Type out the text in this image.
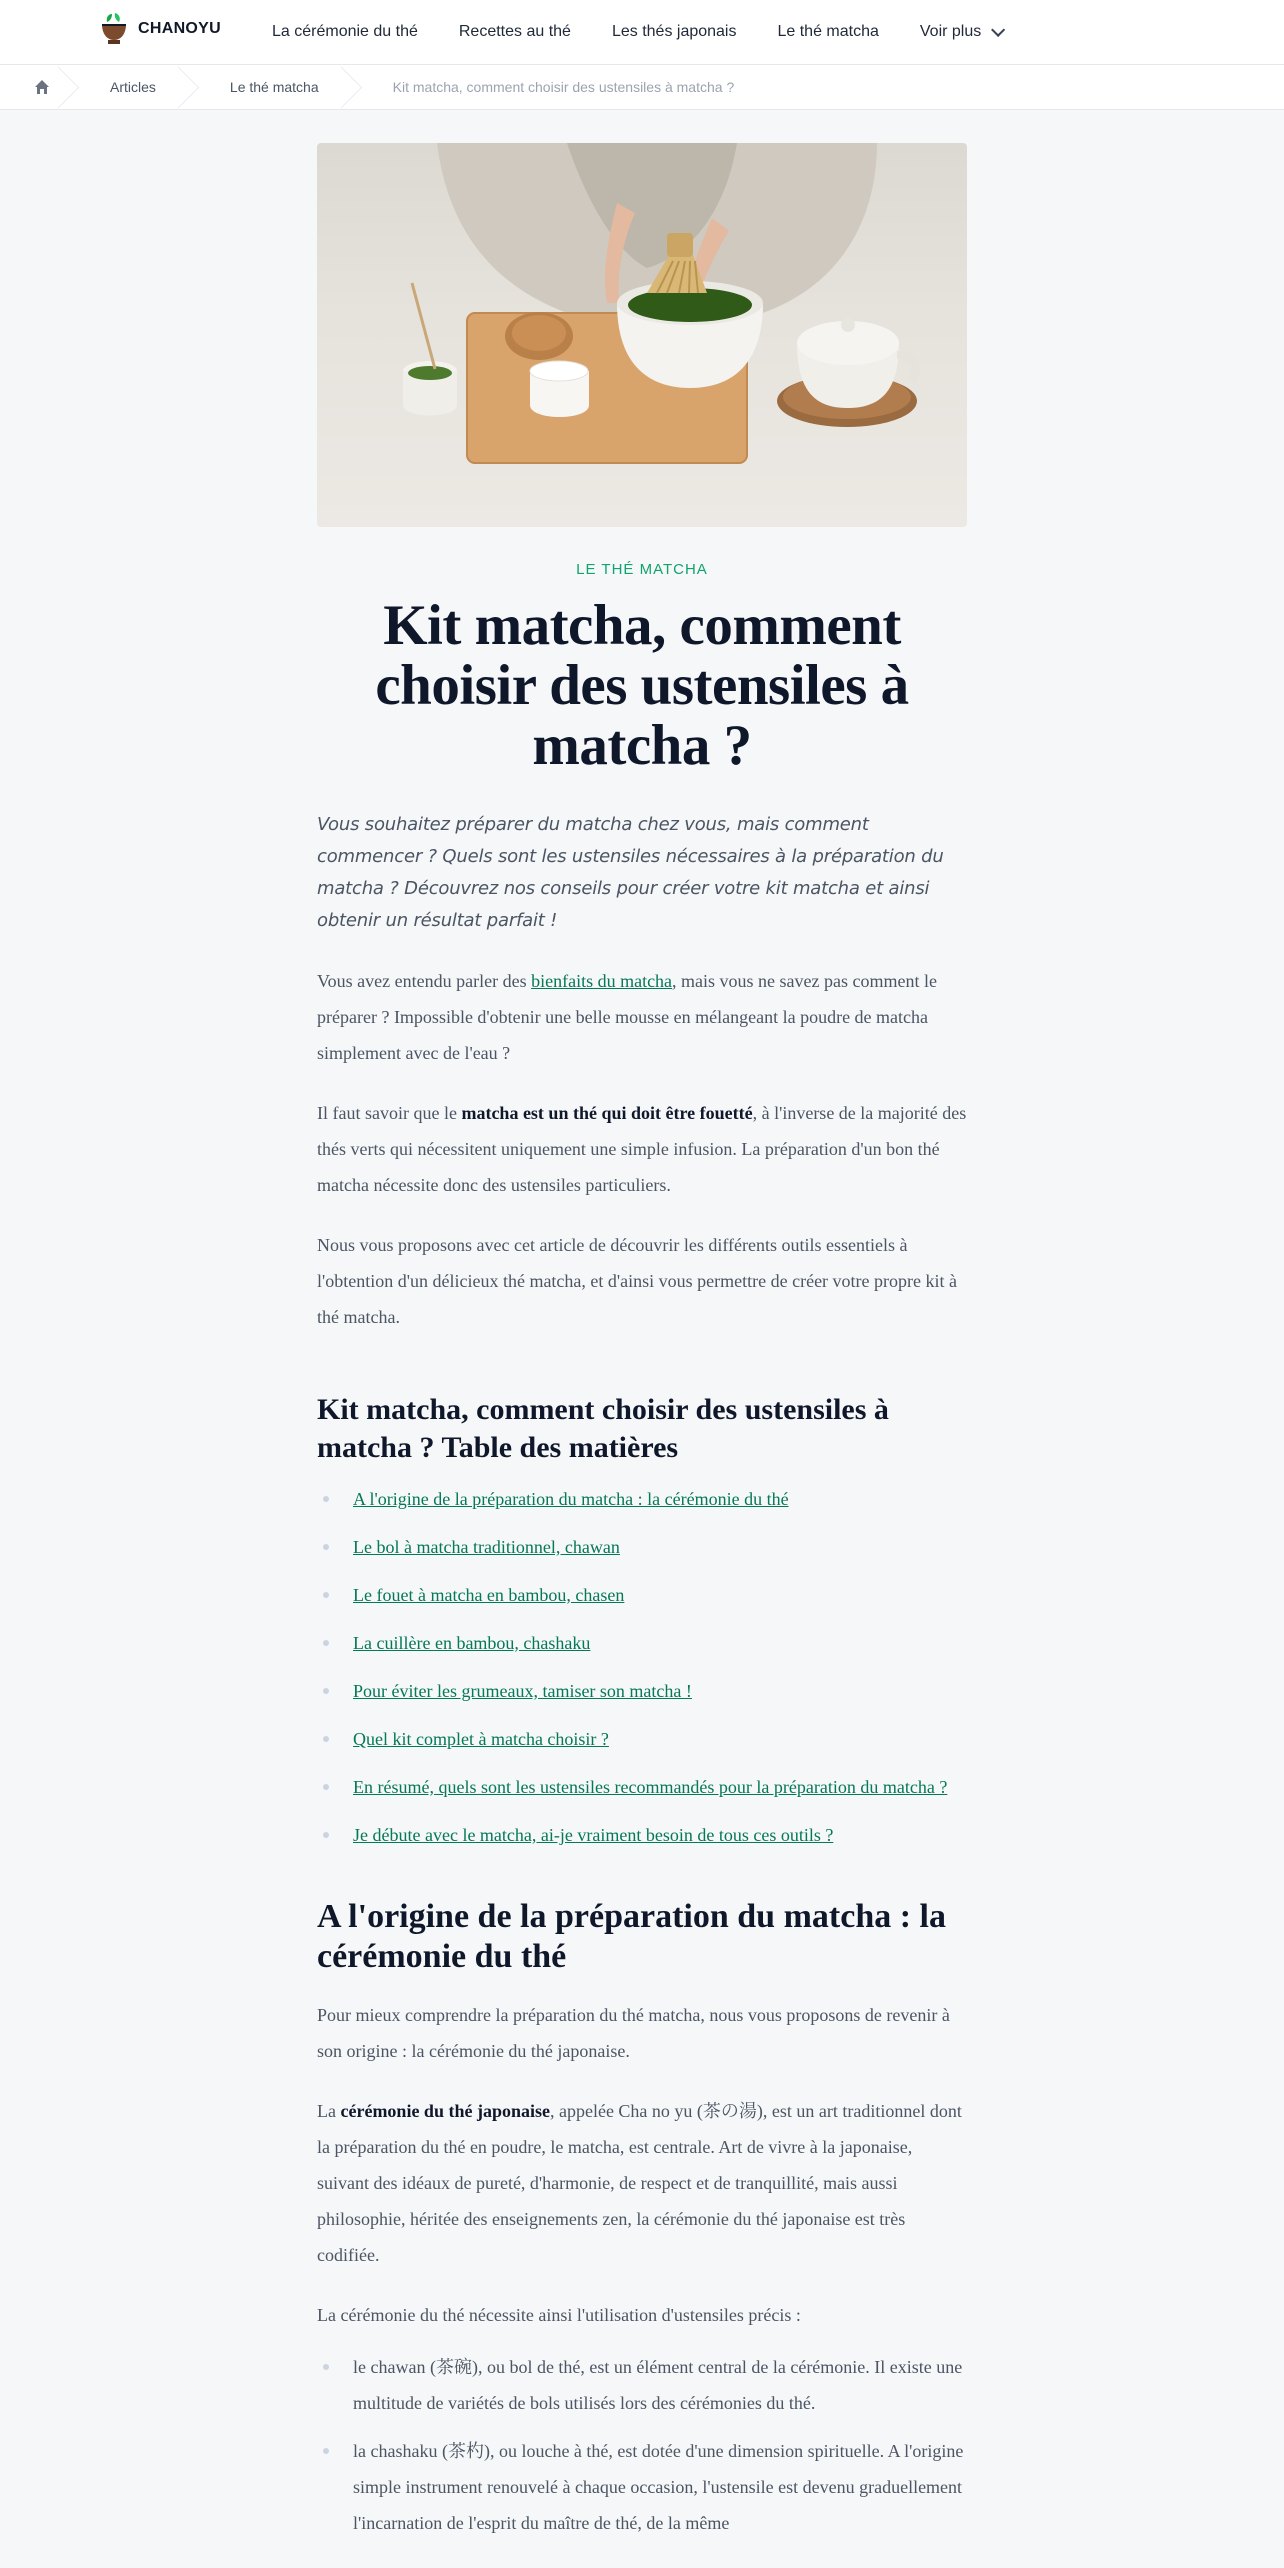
CHANOYU	La cérémonie du thé	Recettes au thé	Les thés japonais	Le thé matcha	Voir plus
Articles	Le thé matcha	Kit matcha, comment choisir des ustensiles à matcha ?
LE THÉ MATCHA
Kit matcha, comment choisir des ustensiles à matcha ?
Vous souhaitez préparer du matcha chez vous, mais comment commencer ? Quels sont les ustensiles nécessaires à la préparation du matcha ? Découvrez nos conseils pour créer votre kit matcha et ainsi obtenir un résultat parfait !

Vous avez entendu parler des bienfaits du matcha, mais vous ne savez pas comment le préparer ? Impossible d'obtenir une belle mousse en mélangeant la poudre de matcha simplement avec de l'eau ?

Il faut savoir que le matcha est un thé qui doit être fouetté, à l'inverse de la majorité des thés verts qui nécessitent uniquement une simple infusion. La préparation d'un bon thé matcha nécessite donc des ustensiles particuliers.

Nous vous proposons avec cet article de découvrir les différents outils essentiels à l'obtention d'un délicieux thé matcha, et d'ainsi vous permettre de créer votre propre kit à thé matcha.

Kit matcha, comment choisir des ustensiles à matcha ? Table des matières
A l'origine de la préparation du matcha : la cérémonie du thé
Le bol à matcha traditionnel, chawan
Le fouet à matcha en bambou, chasen
La cuillère en bambou, chashaku
Pour éviter les grumeaux, tamiser son matcha !
Quel kit complet à matcha choisir ?
En résumé, quels sont les ustensiles recommandés pour la préparation du matcha ?
Je débute avec le matcha, ai-je vraiment besoin de tous ces outils ?
A l'origine de la préparation du matcha : la cérémonie du thé

Pour mieux comprendre la préparation du thé matcha, nous vous proposons de revenir à son origine : la cérémonie du thé japonaise.

La cérémonie du thé japonaise, appelée Cha no yu (茶の湯), est un art traditionnel dont la préparation du thé en poudre, le matcha, est centrale. Art de vivre à la japonaise, suivant des idéaux de pureté, d'harmonie, de respect et de tranquillité, mais aussi philosophie, héritée des enseignements zen, la cérémonie du thé japonaise est très codifiée.

La cérémonie du thé nécessite ainsi l'utilisation d'ustensiles précis :

le chawan (茶碗), ou bol de thé, est un élément central de la cérémonie. Il existe une multitude de variétés de bols utilisés lors des cérémonies du thé.
la chashaku (茶杓), ou louche à thé, est dotée d'une dimension spirituelle. A l'origine simple instrument renouvelé à chaque occasion, l'ustensile est devenu graduellement l'incarnation de l'esprit du maître de thé, de la même
